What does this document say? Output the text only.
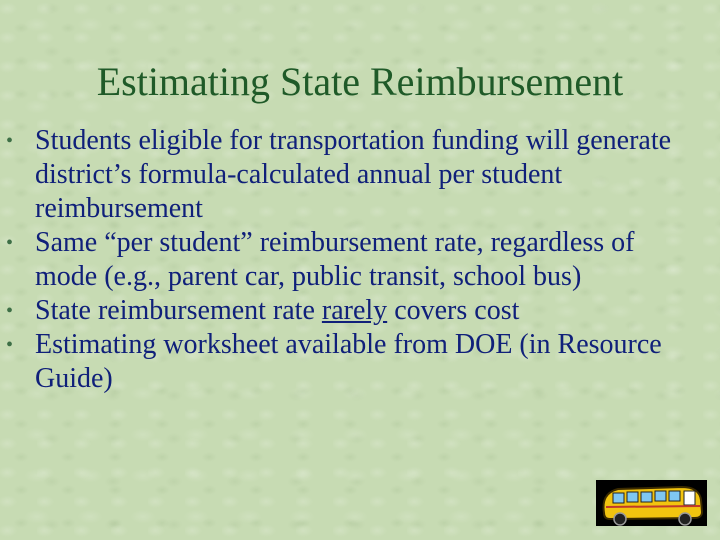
Estimating State Reimbursement
• Students eligible for transportation funding will generate district’s formula-calculated annual per student reimbursement
• Same “per student” reimbursement rate, regardless of mode (e.g., parent car, public transit, school bus)
• State reimbursement rate rarely covers cost
• Estimating worksheet available from DOE (in Resource Guide)
